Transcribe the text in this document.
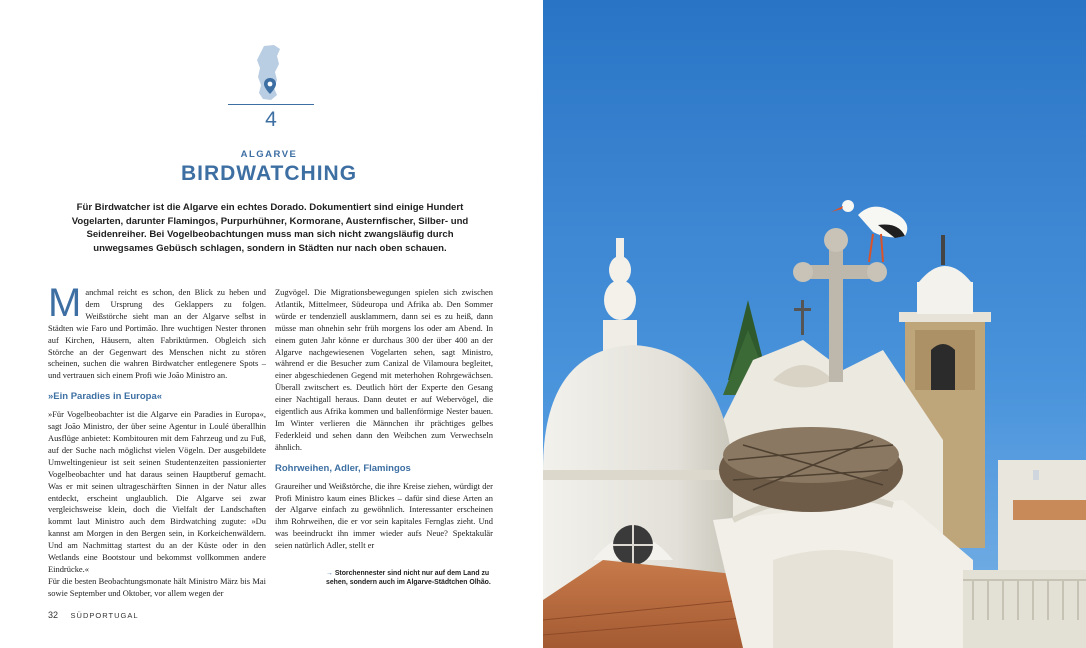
4
ALGARVE
BIRDWATCHING
Für Birdwatcher ist die Algarve ein echtes Dorado. Dokumentiert sind einige Hundert Vogelarten, darunter Flamingos, Purpurhühner, Kormorane, Austernfischer, Silber- und Seidenreiher. Bei Vogelbeobachtungen muss man sich nicht zwangsläufig durch unwegsames Gebüsch schlagen, sondern in Städten nur nach oben schauen.

Manchmal reicht es schon, den Blick zu heben und dem Ursprung des Geklappers zu folgen. Weißstörche sieht man an der Algarve selbst in Städten wie Faro und Portimão. Ihre wuchtigen Nester thronen auf Kirchen, Häusern, alten Fabriktürmen. Obgleich sich Störche an der Gegenwart des Menschen nicht zu stören scheinen, suchen die wahren Birdwatcher entlegenere Spots – und vertrauen sich einem Profi wie João Ministro an.

»Ein Paradies in Europa«

»Für Vogelbeobachter ist die Algarve ein Paradies in Europa«, sagt João Ministro, der über seine Agentur in Loulé überallhin Ausflüge anbietet: Kombitouren mit dem Fahrzeug und zu Fuß, auf der Suche nach möglichst vielen Vögeln. Der ausgebildete Umweltingenieur ist seit seinen Studentenzeiten passionierter Vogelbeobachter und hat daraus seinen Hauptberuf gemacht. Was er mit seinen ultrageschärften Sinnen in der Natur alles entdeckt, erscheint unglaublich. Die Algarve sei zwar vergleichsweise klein, doch die Vielfalt der Landschaften kommt laut Ministro auch dem Birdwatching zugute: »Du kannst am Morgen in den Bergen sein, in Korkeichenwäldern. Und am Nachmittag startest du an der Küste oder in den Wetlands eine Bootstour und bekommst vollkommen andere Eindrücke.«

Für die besten Beobachtungsmonate hält Ministro März bis Mai sowie September und Oktober, vor allem wegen der

Zugvögel. Die Migrationsbewegungen spielen sich zwischen Atlantik, Mittelmeer, Südeuropa und Afrika ab. Den Sommer würde er tendenziell ausklammern, dann sei es zu heiß, dann müsse man ohnehin sehr früh morgens los oder am Abend. In einem guten Jahr könne er durchaus 300 der über 400 an der Algarve nachgewiesenen Vogelarten sehen, sagt Ministro, während er die Besucher zum Canizal de Vilamoura begleitet, einer abgeschiedenen Gegend mit meterhohen Rohrgewächsen. Überall zwitschert es. Deutlich hört der Experte den Gesang einer Nachtigall heraus. Dann deutet er auf Webervögel, die eigentlich aus Afrika kommen und ballenförmige Nester bauen. Im Winter verlieren die Männchen ihr prächtiges gelbes Federkleid und sehen dann den Weibchen zum Verwechseln ähnlich.

Rohrweihen, Adler, Flamingos

Graureiher und Weißstörche, die ihre Kreise ziehen, würdigt der Profi Ministro kaum eines Blickes – dafür sind diese Arten an der Algarve einfach zu gewöhnlich. Interessanter erscheinen ihm Rohrweihen, die er vor sein kapitales Fernglas zieht. Und was beeindruckt ihn immer wieder aufs Neue? Spektakulär seien natürlich Adler, stellt er

→ Storchennester sind nicht nur auf dem Land zu sehen, sondern auch im Algarve-Städtchen Olhão.
32 SÜDPORTUGAL
